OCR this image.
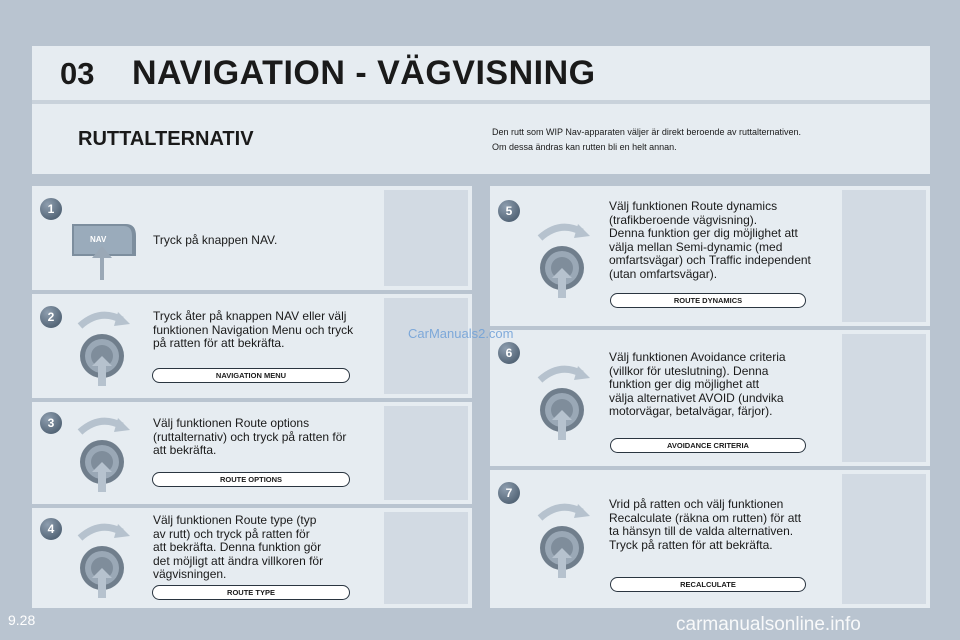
03 NAVIGATION - VÄGVISNING
RUTTALTERNATIV	Den rutt som WIP Nav-apparaten väljer är direkt beroende av ruttalternativen.
Om dessa ändras kan rutten bli en helt annan.
1
2
3
4
5
6
7
NAV	Tryck på knappen NAV.
Tryck åter på knappen NAV eller välj
funktionen Navigation Menu och tryck
på ratten för att bekräfta.
Välj funktionen Route options
(ruttalternativ) och tryck på ratten för
att bekräfta.
Välj funktionen Route type (typ
av rutt) och tryck på ratten för
att bekräfta. Denna funktion gör
det möjligt att ändra villkoren för
vägvisningen.
Välj funktionen Route dynamics
(trafikberoende vägvisning).
Denna funktion ger dig möjlighet att
välja mellan Semi-dynamic (med
omfartsvägar) och Traffic independent
(utan omfartsvägar).
Välj funktionen Avoidance criteria
(villkor för uteslutning). Denna
funktion ger dig möjlighet att
välja alternativet AVOID (undvika
motorvägar, betalvägar, färjor).
Vrid på ratten och välj funktionen
Recalculate (räkna om rutten) för att
ta hänsyn till de valda alternativen.
Tryck på ratten för att bekräfta.
NAVIGATION MENU
ROUTE OPTIONS
ROUTE TYPE
ROUTE DYNAMICS
AVOIDANCE CRITERIA
RECALCULATE
9.28
CarManuals2.com
carmanualsonline.info
